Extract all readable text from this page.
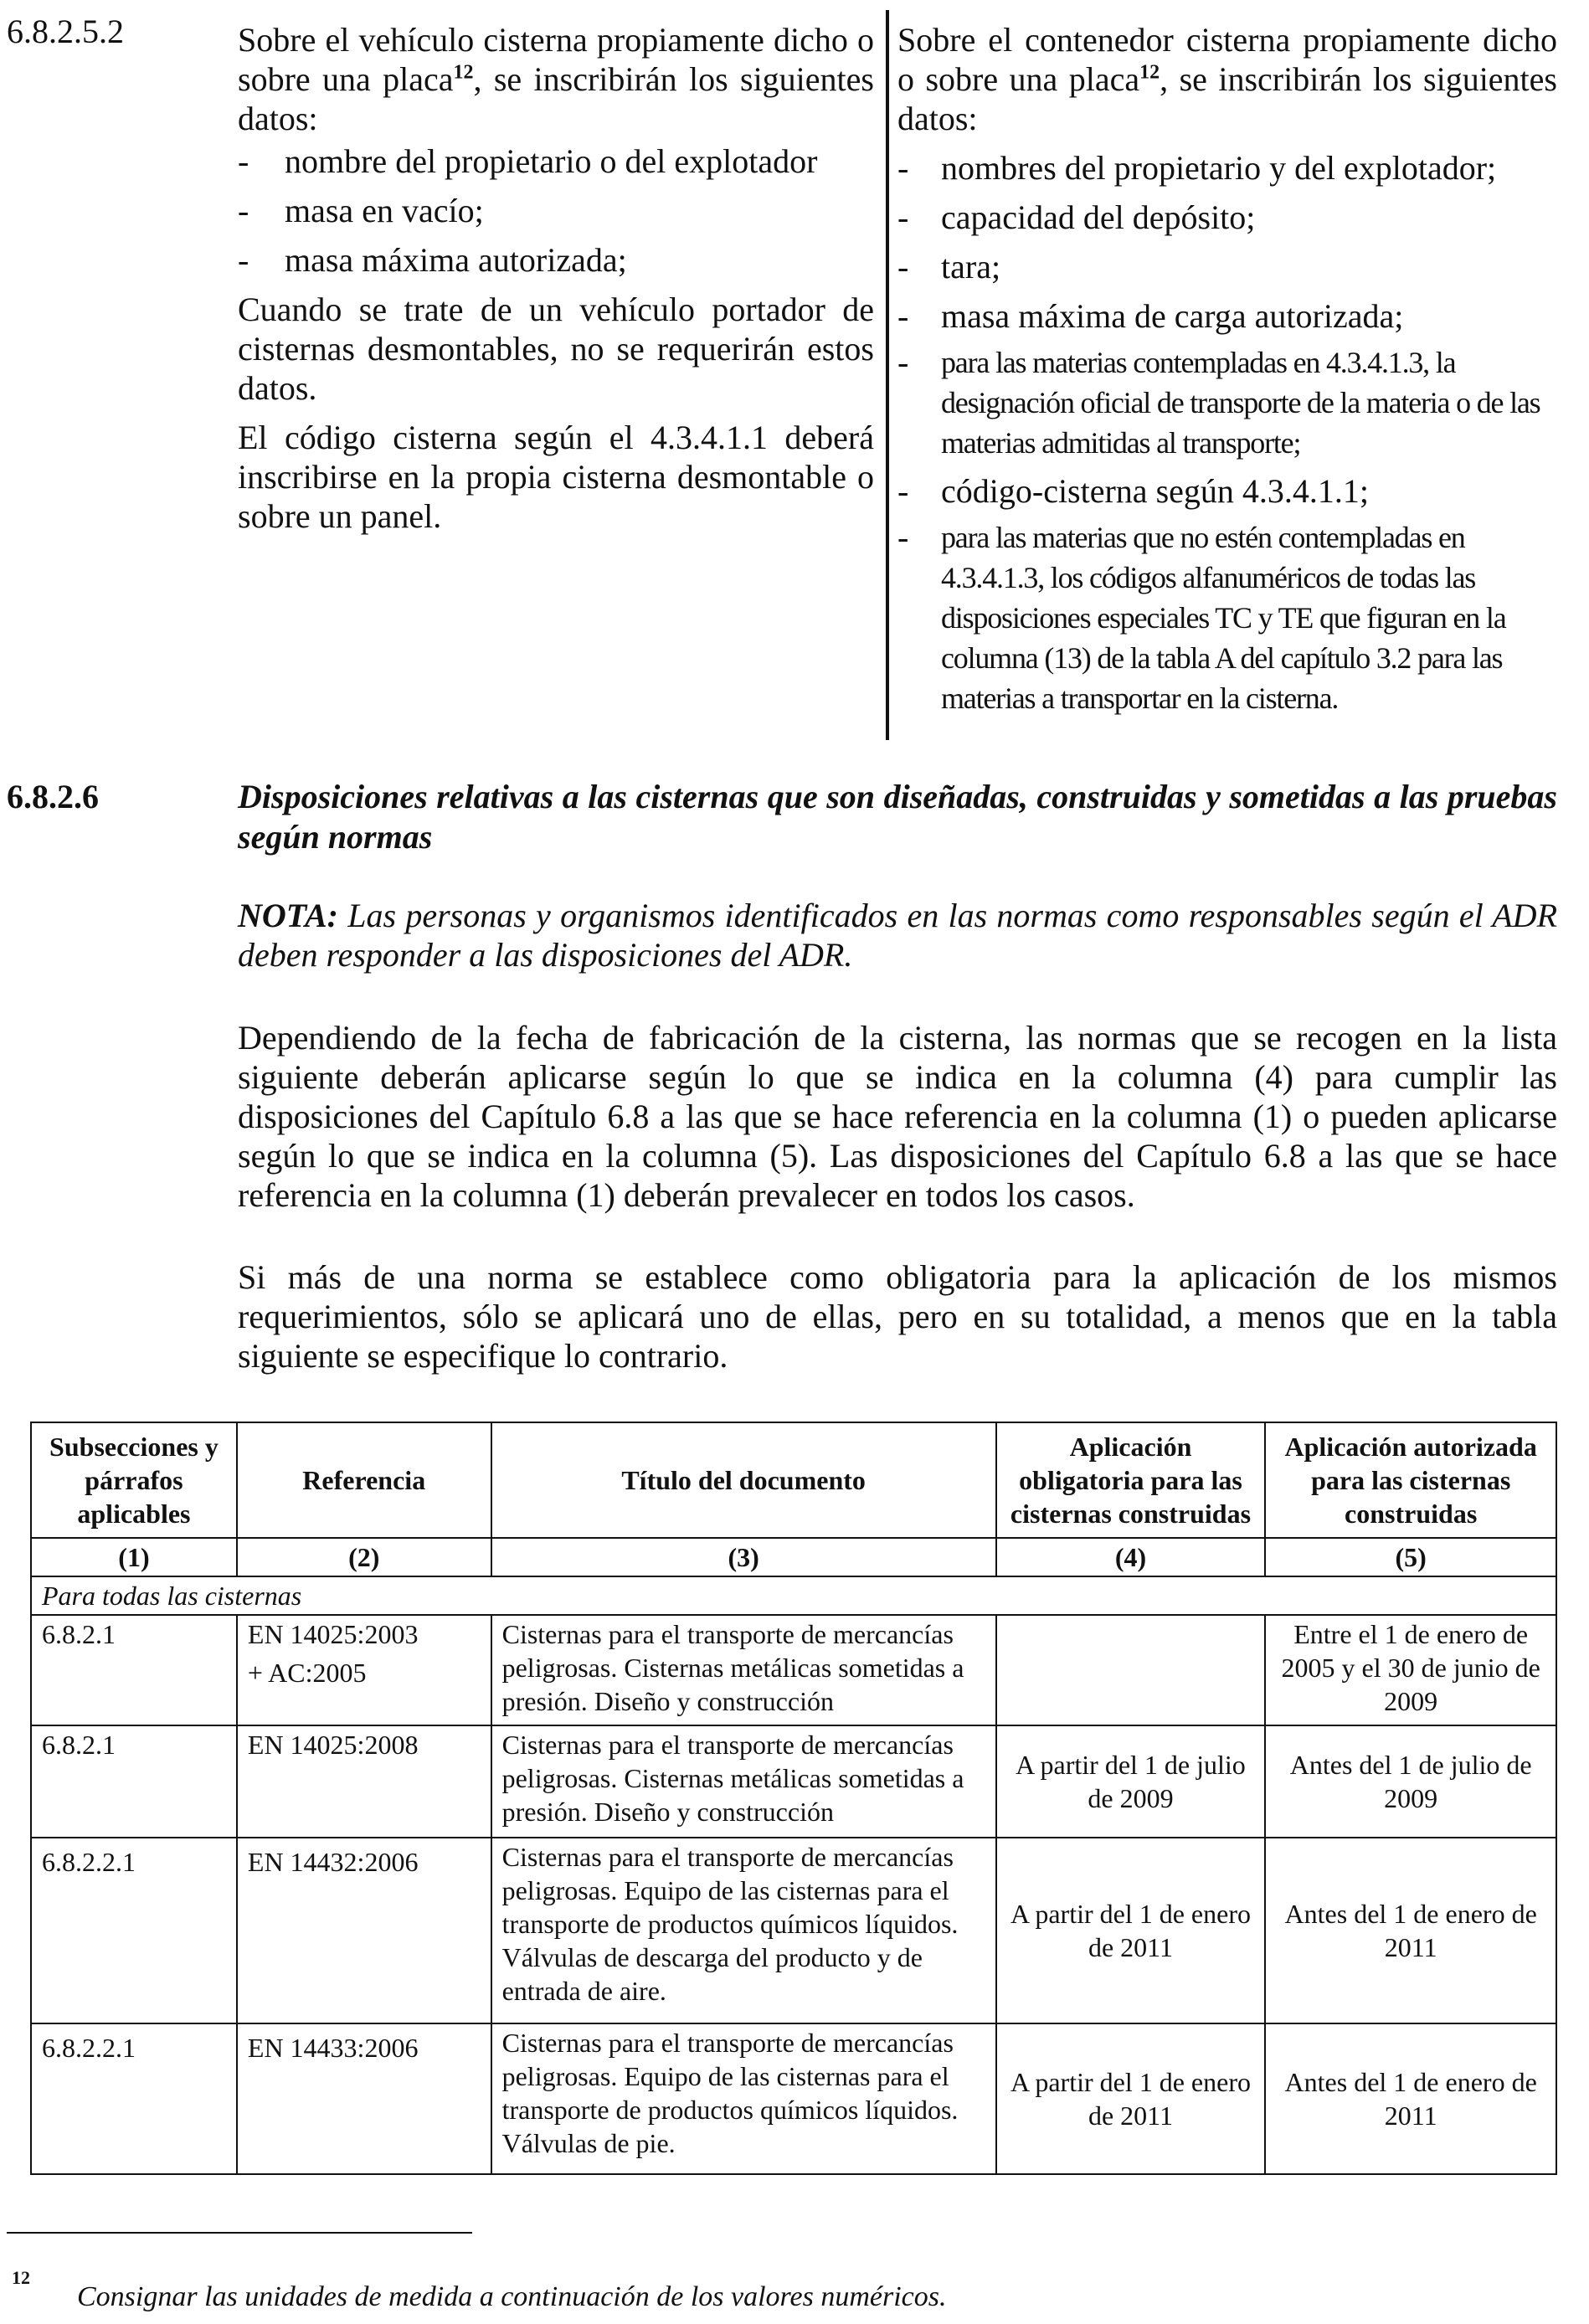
6.8.2.5.2	Sobre el vehículo cisterna propiamente dicho o sobre una placa$^{12}$, se inscribirán los siguientes datos:

-	nombre del propietario o del explotador
-	masa en vacío;
-	masa máxima autorizada;

Cuando se trate de un vehículo portador de cisternas desmontables, no se requerirán estos datos.

El código cisterna según el 4.3.4.1.1 deberá inscribirse en la propia cisterna desmontable o sobre un panel.

Sobre el contenedor cisterna propiamente dicho o sobre una placa$^{12}$, se inscribirán los siguientes datos:

- nombres del propietario y del explotador;
- capacidad del depósito;
- tara;
- masa máxima de carga autorizada;
-	para las materias contempladas en 4.3.4.1.3, la designación oficial de transporte de la materia o de las materias admitidas al transporte;
- código-cisterna según 4.3.4.1.1;
-	para las materias que no estén contempladas en 4.3.4.1.3, los códigos alfanuméricos de todas las disposiciones especiales TC y TE que figuran en la columna (13) de la tabla A del capítulo 3.2 para las materias a transportar en la cisterna.
6.8.2.6	Disposiciones relativas a las cisternas que son diseñadas, construidas y sometidas a las pruebas según normas
NOTA: Las personas y organismos identificados en las normas como responsables según el ADR deben responder a las disposiciones del ADR.
Dependiendo de la fecha de fabricación de la cisterna, las normas que se recogen en la lista siguiente deberán aplicarse según lo que se indica en la columna (4) para cumplir las disposiciones del Capítulo 6.8 a las que se hace referencia en la columna (1) o pueden aplicarse según lo que se indica en la columna (5). Las disposiciones del Capítulo 6.8 a las que se hace referencia en la columna (1) deberán prevalecer en todos los casos.
Si más de una norma se establece como obligatoria para la aplicación de los mismos requerimientos, sólo se aplicará uno de ellas, pero en su totalidad, a menos que en la tabla siguiente se especifique lo contrario.
Subsecciones y párrafos aplicables	Referencia	Título del documento	Aplicación obligatoria para las cisternas construidas	Aplicación autorizada para las cisternas construidas
(1)	(2)	(3)	(4)	(5)
Para todas las cisternas				
6.8.2.1	EN 14025:2003
+ AC:2005	Cisternas para el transporte de mercancías peligrosas. Cisternas metálicas sometidas a presión. Diseño y construcción		Entre el 1 de enero de 2005 y el 30 de junio de 2009
6.8.2.1	EN 14025:2008	Cisternas para el transporte de mercancías peligrosas. Cisternas metálicas sometidas a presión. Diseño y construcción	A partir del 1 de julio de 2009	Antes del 1 de julio de 2009
6.8.2.2.1	EN 14432:2006	Cisternas para el transporte de mercancías peligrosas. Equipo de las cisternas para el transporte de productos químicos líquidos. Válvulas de descarga del producto y de entrada de aire.	A partir del 1 de enero de 2011	Antes del 1 de enero de 2011
6.8.2.2.1	EN 14433:2006	Cisternas para el transporte de mercancías peligrosas. Equipo de las cisternas para el transporte de productos químicos líquidos. Válvulas de pie.	A partir del 1 de enero de 2011	Antes del 1 de enero de 2011
12
Consignar las unidades de medida a continuación de los valores numéricos.
